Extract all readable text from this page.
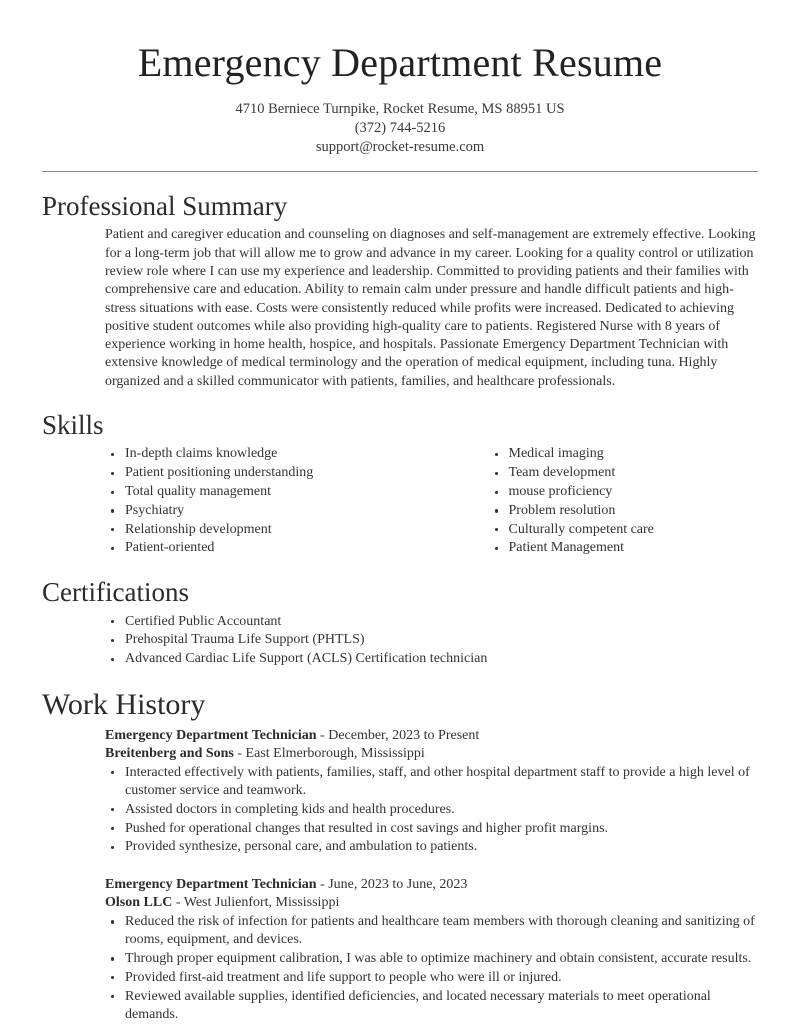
Emergency Department Resume
4710 Berniece Turnpike, Rocket Resume, MS 88951 US
(372) 744-5216
support@rocket-resume.com
Professional Summary

Patient and caregiver education and counseling on diagnoses and self-management are extremely effective. Looking for a long-term job that will allow me to grow and advance in my career. Looking for a quality control or utilization review role where I can use my experience and leadership. Committed to providing patients and their families with comprehensive care and education. Ability to remain calm under pressure and handle difficult patients and high-stress situations with ease. Costs were consistently reduced while profits were increased. Dedicated to achieving positive student outcomes while also providing high-quality care to patients. Registered Nurse with 8 years of experience working in home health, hospice, and hospitals. Passionate Emergency Department Technician with extensive knowledge of medical terminology and the operation of medical equipment, including tuna. Highly organized and a skilled communicator with patients, families, and healthcare professionals.

Skills
In-depth claims knowledge
Patient positioning understanding
Total quality management
Psychiatry
Relationship development
Patient-oriented
Medical imaging
Team development
mouse proficiency
Problem resolution
Culturally competent care
Patient Management
Certifications
Certified Public Accountant
Prehospital Trauma Life Support (PHTLS)
Advanced Cardiac Life Support (ACLS) Certification technician
Work History
Emergency Department Technician - December, 2023 to Present
Breitenberg and Sons - East Elmerborough, Mississippi
Interacted effectively with patients, families, staff, and other hospital department staff to provide a high level of customer service and teamwork.
Assisted doctors in completing kids and health procedures.
Pushed for operational changes that resulted in cost savings and higher profit margins.
Provided synthesize, personal care, and ambulation to patients.
Emergency Department Technician - June, 2023 to June, 2023
Olson LLC - West Julienfort, Mississippi
Reduced the risk of infection for patients and healthcare team members with thorough cleaning and sanitizing of rooms, equipment, and devices.
Through proper equipment calibration, I was able to optimize machinery and obtain consistent, accurate results.
Provided first-aid treatment and life support to people who were ill or injured.
Reviewed available supplies, identified deficiencies, and located necessary materials to meet operational demands.
